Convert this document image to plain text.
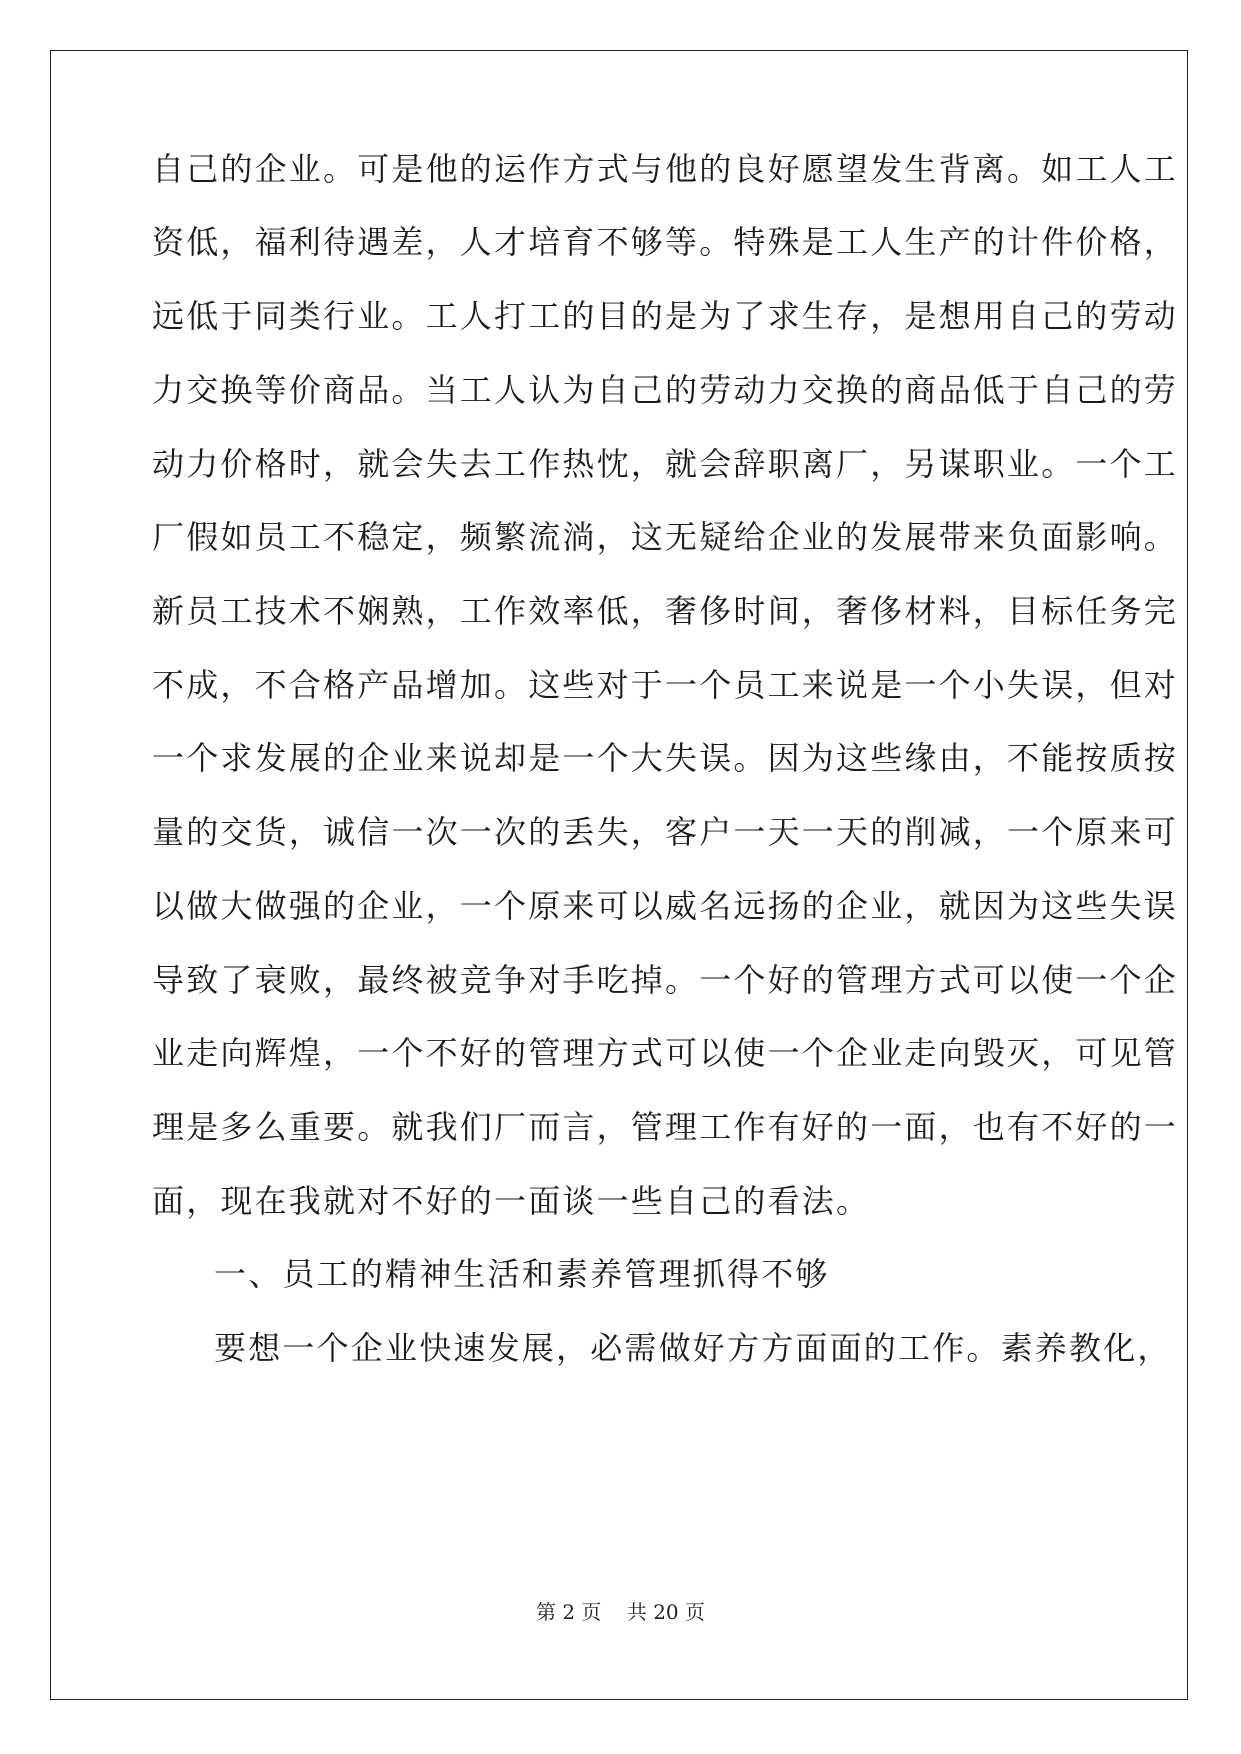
自己的企业。可是他的运作方式与他的良好愿望发生背离。如工人工
资低，福利待遇差，人才培育不够等。特殊是工人生产的计件价格，
远低于同类行业。工人打工的目的是为了求生存，是想用自己的劳动
力交换等价商品。当工人认为自己的劳动力交换的商品低于自己的劳
动力价格时，就会失去工作热忱，就会辞职离厂，另谋职业。一个工
厂假如员工不稳定，频繁流淌，这无疑给企业的发展带来负面影响。
新员工技术不娴熟，工作效率低，奢侈时间，奢侈材料，目标任务完
不成，不合格产品增加。这些对于一个员工来说是一个小失误，但对
一个求发展的企业来说却是一个大失误。因为这些缘由，不能按质按
量的交货，诚信一次一次的丢失，客户一天一天的削减，一个原来可
以做大做强的企业，一个原来可以威名远扬的企业，就因为这些失误
导致了衰败，最终被竞争对手吃掉。一个好的管理方式可以使一个企
业走向辉煌，一个不好的管理方式可以使一个企业走向毁灭，可见管
理是多么重要。就我们厂而言，管理工作有好的一面，也有不好的一
面，现在我就对不好的一面谈一些自己的看法。
一、员工的精神生活和素养管理抓得不够
要想一个企业快速发展，必需做好方方面面的工作。素养教化，
第 2 页    共 20 页
